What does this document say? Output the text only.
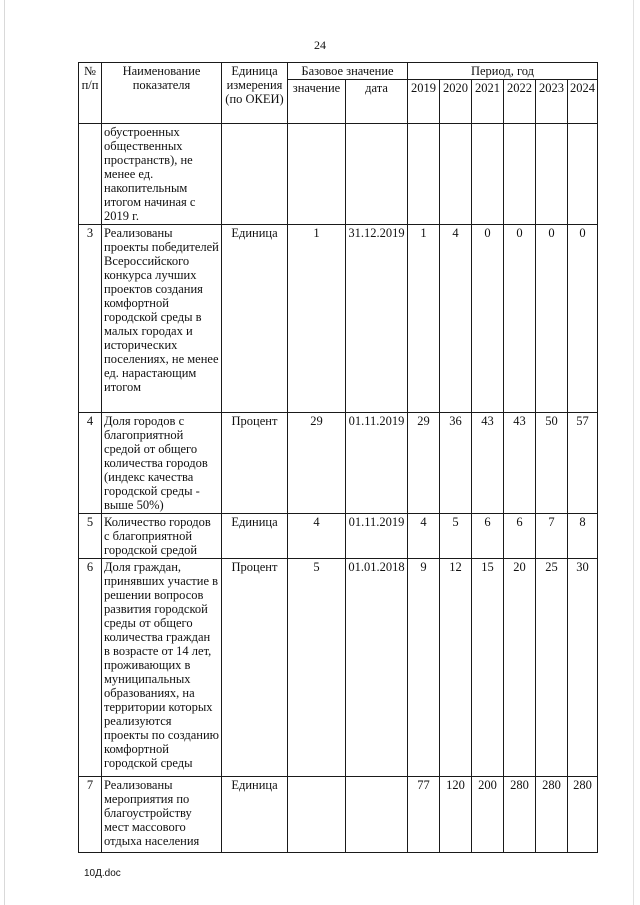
24
№ п/п	Наименование показателя	Единица измерения (по ОКЕИ)	Базовое значение		Период, год					
			значение	дата	2019	2020	2021	2022	2023	2024
	обустроенных общественных пространств), не менее ед. накопительным итогом начиная с 2019 г.									
3	Реализованы проекты победителей Всероссийского конкурса лучших проектов создания комфортной городской среды в малых городах и исторических поселениях, не менее ед. нарастающим итогом	Единица	1	31.12.2019	1	4	0	0	0	0
4	Доля городов с благоприятной средой от общего количества городов (индекс качества городской среды - выше 50%)	Процент	29	01.11.2019	29	36	43	43	50	57
5	Количество городов с благоприятной городской средой	Единица	4	01.11.2019	4	5	6	6	7	8
6	Доля граждан, принявших участие в решении вопросов развития городской среды от общего количества граждан в возрасте от 14 лет, проживающих в муниципальных образованиях, на территории которых реализуются проекты по созданию комфортной городской среды	Процент	5	01.01.2018	9	12	15	20	25	30
7	Реализованы мероприятия по благоустройству мест массового отдыха населения	Единица			77	120	200	280	280	280
10Д.doc
